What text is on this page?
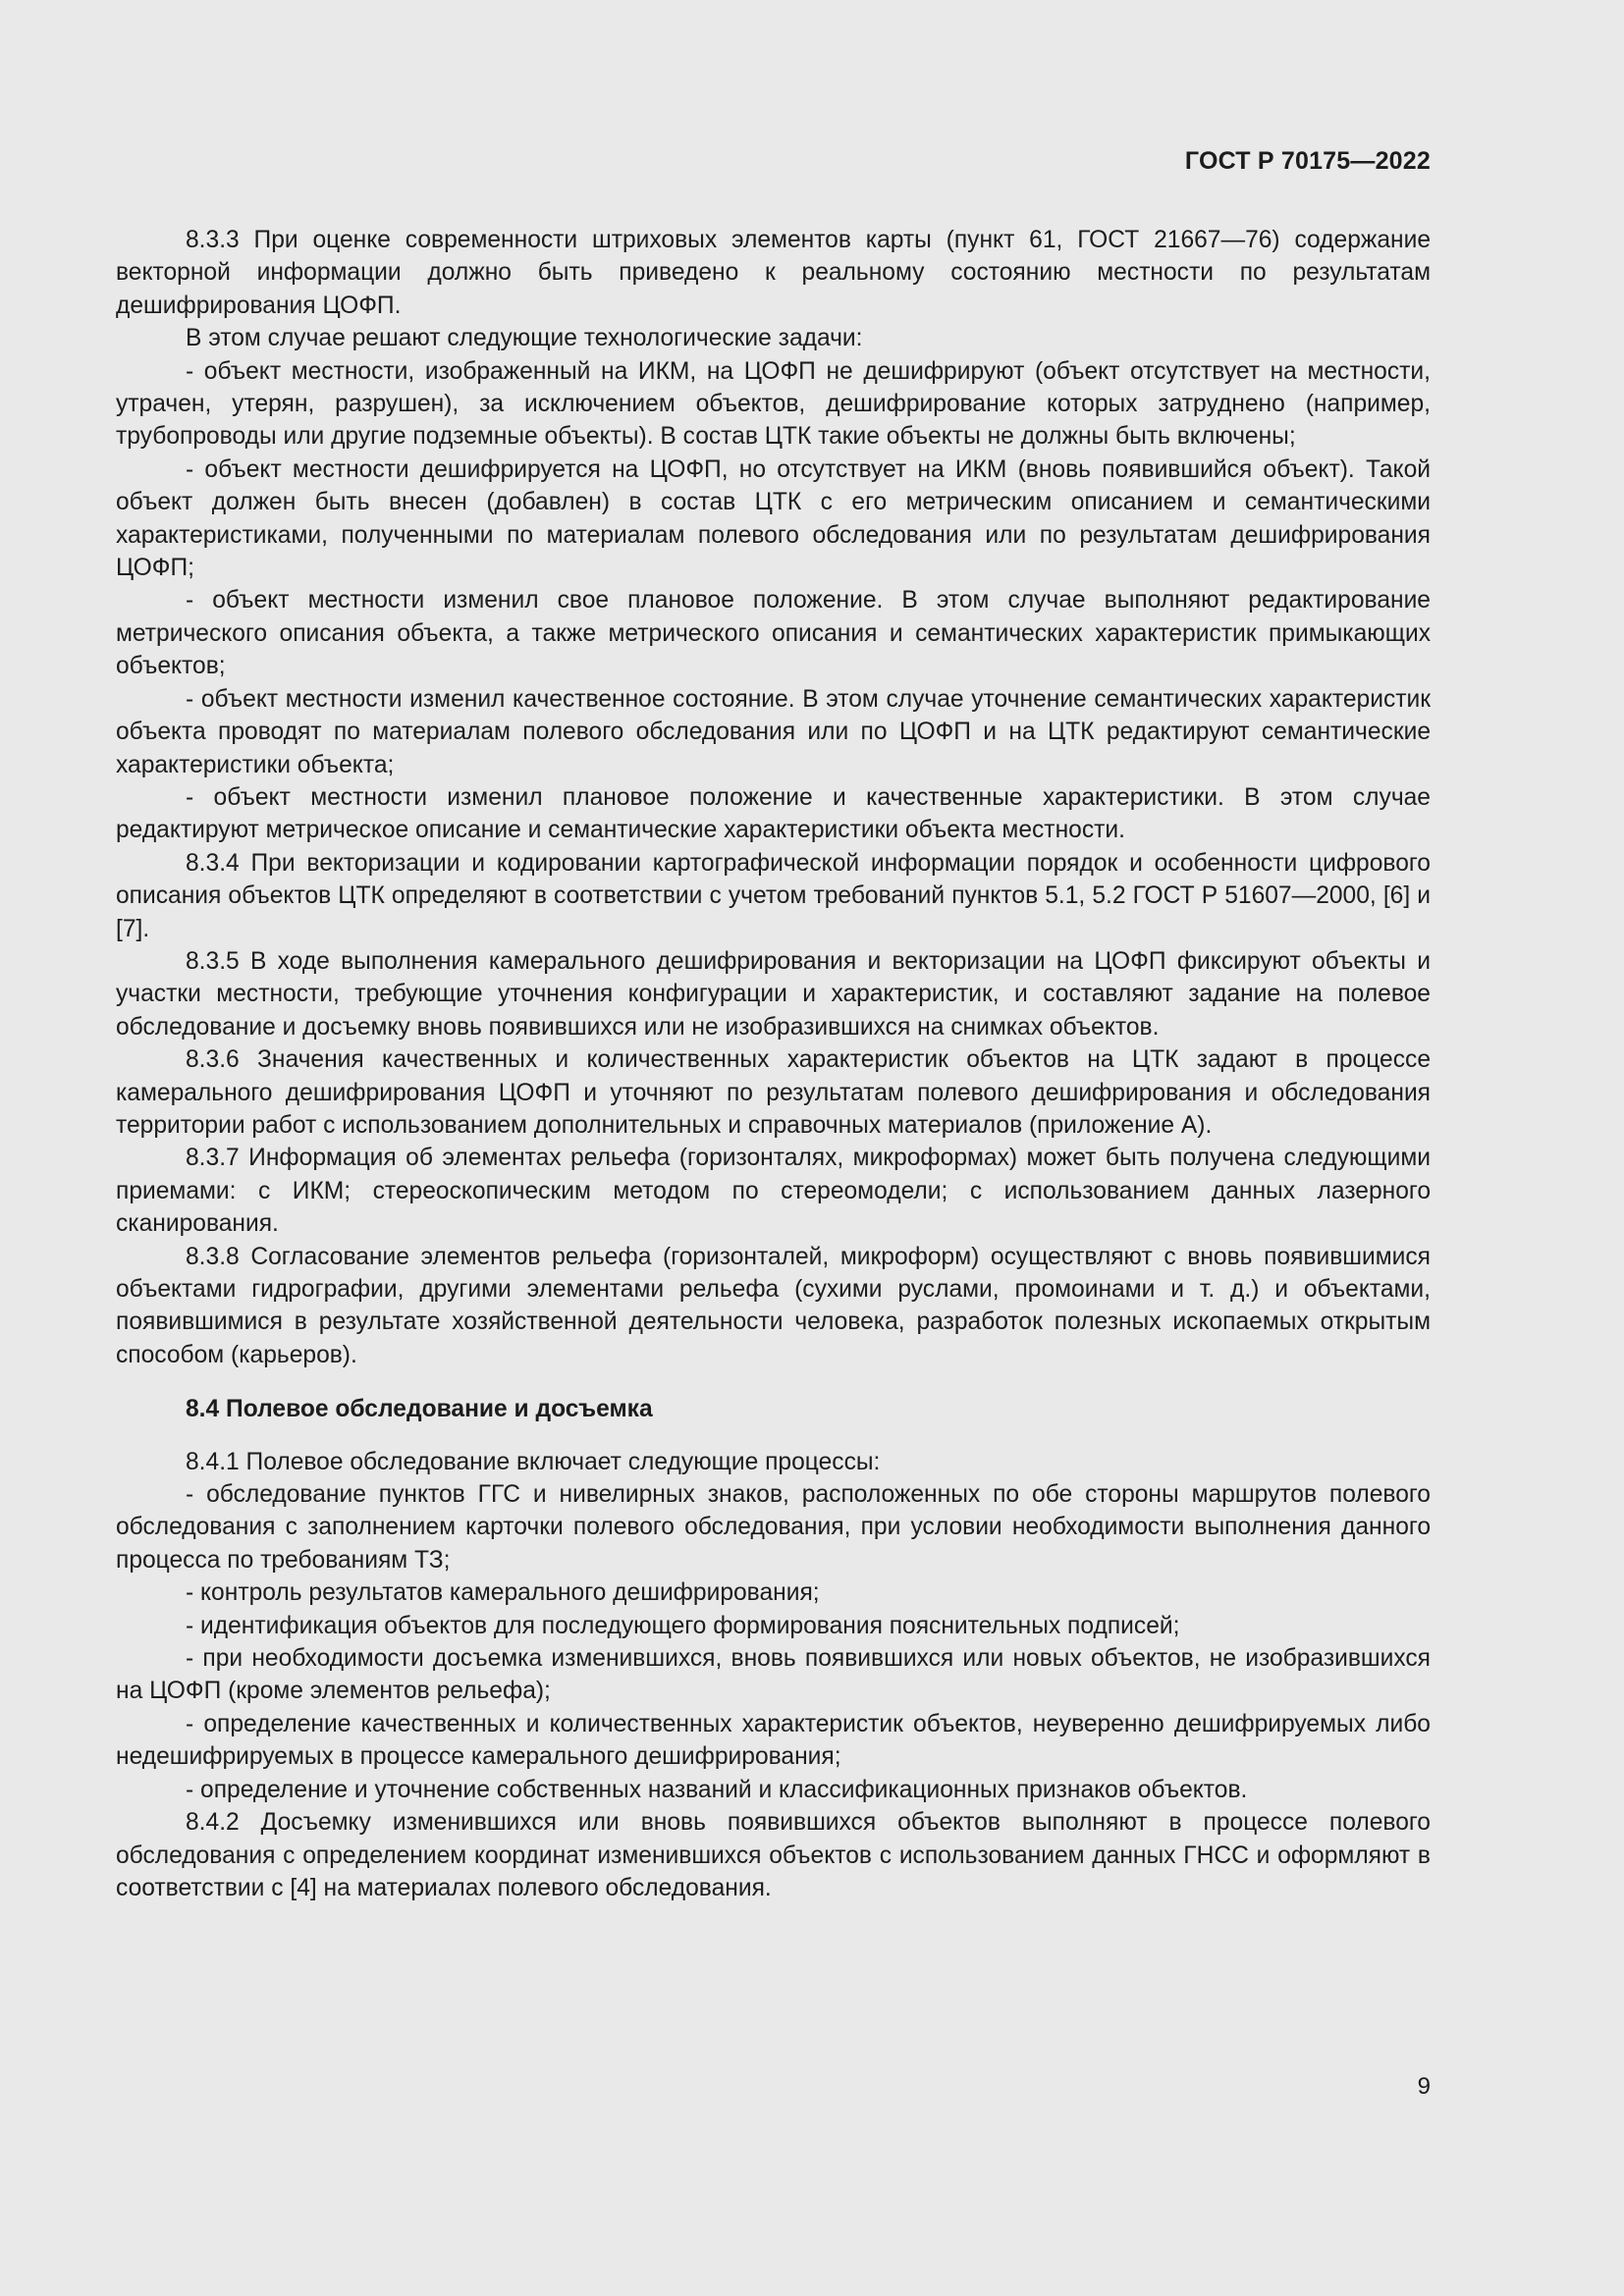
ГОСТ Р 70175—2022

8.3.3 При оценке современности штриховых элементов карты (пункт 61, ГОСТ 21667—76) содержание векторной информации должно быть приведено к реальному состоянию местности по результатам дешифрирования ЦОФП.

В этом случае решают следующие технологические задачи:

- объект местности, изображенный на ИКМ, на ЦОФП не дешифрируют (объект отсутствует на местности, утрачен, утерян, разрушен), за исключением объектов, дешифрирование которых затруднено (например, трубопроводы или другие подземные объекты). В состав ЦТК такие объекты не должны быть включены;

- объект местности дешифрируется на ЦОФП, но отсутствует на ИКМ (вновь появившийся объект). Такой объект должен быть внесен (добавлен) в состав ЦТК с его метрическим описанием и семантическими характеристиками, полученными по материалам полевого обследования или по результатам дешифрирования ЦОФП;

- объект местности изменил свое плановое положение. В этом случае выполняют редактирование метрического описания объекта, а также метрического описания и семантических характеристик примыкающих объектов;

- объект местности изменил качественное состояние. В этом случае уточнение семантических характеристик объекта проводят по материалам полевого обследования или по ЦОФП и на ЦТК редактируют семантические характеристики объекта;

- объект местности изменил плановое положение и качественные характеристики. В этом случае редактируют метрическое описание и семантические характеристики объекта местности.

8.3.4 При векторизации и кодировании картографической информации порядок и особенности цифрового описания объектов ЦТК определяют в соответствии с учетом требований пунктов 5.1, 5.2 ГОСТ Р 51607—2000, [6] и [7].

8.3.5 В ходе выполнения камерального дешифрирования и векторизации на ЦОФП фиксируют объекты и участки местности, требующие уточнения конфигурации и характеристик, и составляют задание на полевое обследование и досъемку вновь появившихся или не изобразившихся на снимках объектов.

8.3.6 Значения качественных и количественных характеристик объектов на ЦТК задают в процессе камерального дешифрирования ЦОФП и уточняют по результатам полевого дешифрирования и обследования территории работ с использованием дополнительных и справочных материалов (приложение А).

8.3.7 Информация об элементах рельефа (горизонталях, микроформах) может быть получена следующими приемами: с ИКМ; стереоскопическим методом по стереомодели; с использованием данных лазерного сканирования.

8.3.8 Согласование элементов рельефа (горизонталей, микроформ) осуществляют с вновь появившимися объектами гидрографии, другими элементами рельефа (сухими руслами, промоинами и т. д.) и объектами, появившимися в результате хозяйственной деятельности человека, разработок полезных ископаемых открытым способом (карьеров).

8.4 Полевое обследование и досъемка

8.4.1 Полевое обследование включает следующие процессы:

- обследование пунктов ГГС и нивелирных знаков, расположенных по обе стороны маршрутов полевого обследования с заполнением карточки полевого обследования, при условии необходимости выполнения данного процесса по требованиям ТЗ;

- контроль результатов камерального дешифрирования;

- идентификация объектов для последующего формирования пояснительных подписей;

- при необходимости досъемка изменившихся, вновь появившихся или новых объектов, не изобразившихся на ЦОФП (кроме элементов рельефа);

- определение качественных и количественных характеристик объектов, неуверенно дешифрируемых либо недешифрируемых в процессе камерального дешифрирования;

- определение и уточнение собственных названий и классификационных признаков объектов.

8.4.2 Досъемку изменившихся или вновь появившихся объектов выполняют в процессе полевого обследования с определением координат изменившихся объектов с использованием данных ГНСС и оформляют в соответствии с [4] на материалах полевого обследования.

9
